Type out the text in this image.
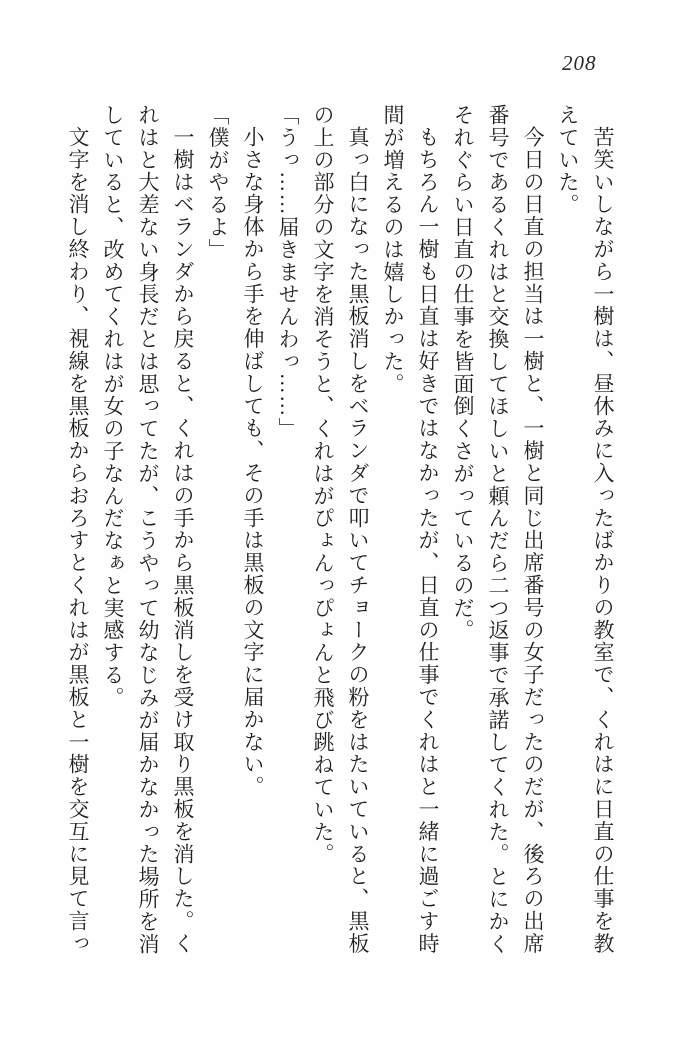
208

苦笑いしながら一樹は、昼休みに入ったばかりの教室で、くれはに日直の仕事を教

えていた。

今日の日直の担当は一樹と、一樹と同じ出席番号の女子だったのだが、後ろの出席

番号であるくれはと交換してほしいと頼んだら二つ返事で承諾してくれた。とにかく

それぐらい日直の仕事を皆面倒くさがっているのだ。

もちろん一樹も日直は好きではなかったが、日直の仕事でくれはと一緒に過ごす時

間が増えるのは嬉しかった。

真っ白になった黒板消しをベランダで叩いてチョークの粉をはたいていると、黒板

の上の部分の文字を消そうと、くれはがぴょんっぴょんと飛び跳ねていた。

「うっ……届きませんわっ……」

小さな身体から手を伸ばしても、その手は黒板の文字に届かない。

「僕がやるよ」

一樹はベランダから戻ると、くれはの手から黒板消しを受け取り黒板を消した。く

れはと大差ない身長だとは思ってたが、こうやって幼なじみが届かなかった場所を消

していると、改めてくれはが女の子なんだなぁと実感する。

文字を消し終わり、視線を黒板からおろすとくれはが黒板と一樹を交互に見て言っ
